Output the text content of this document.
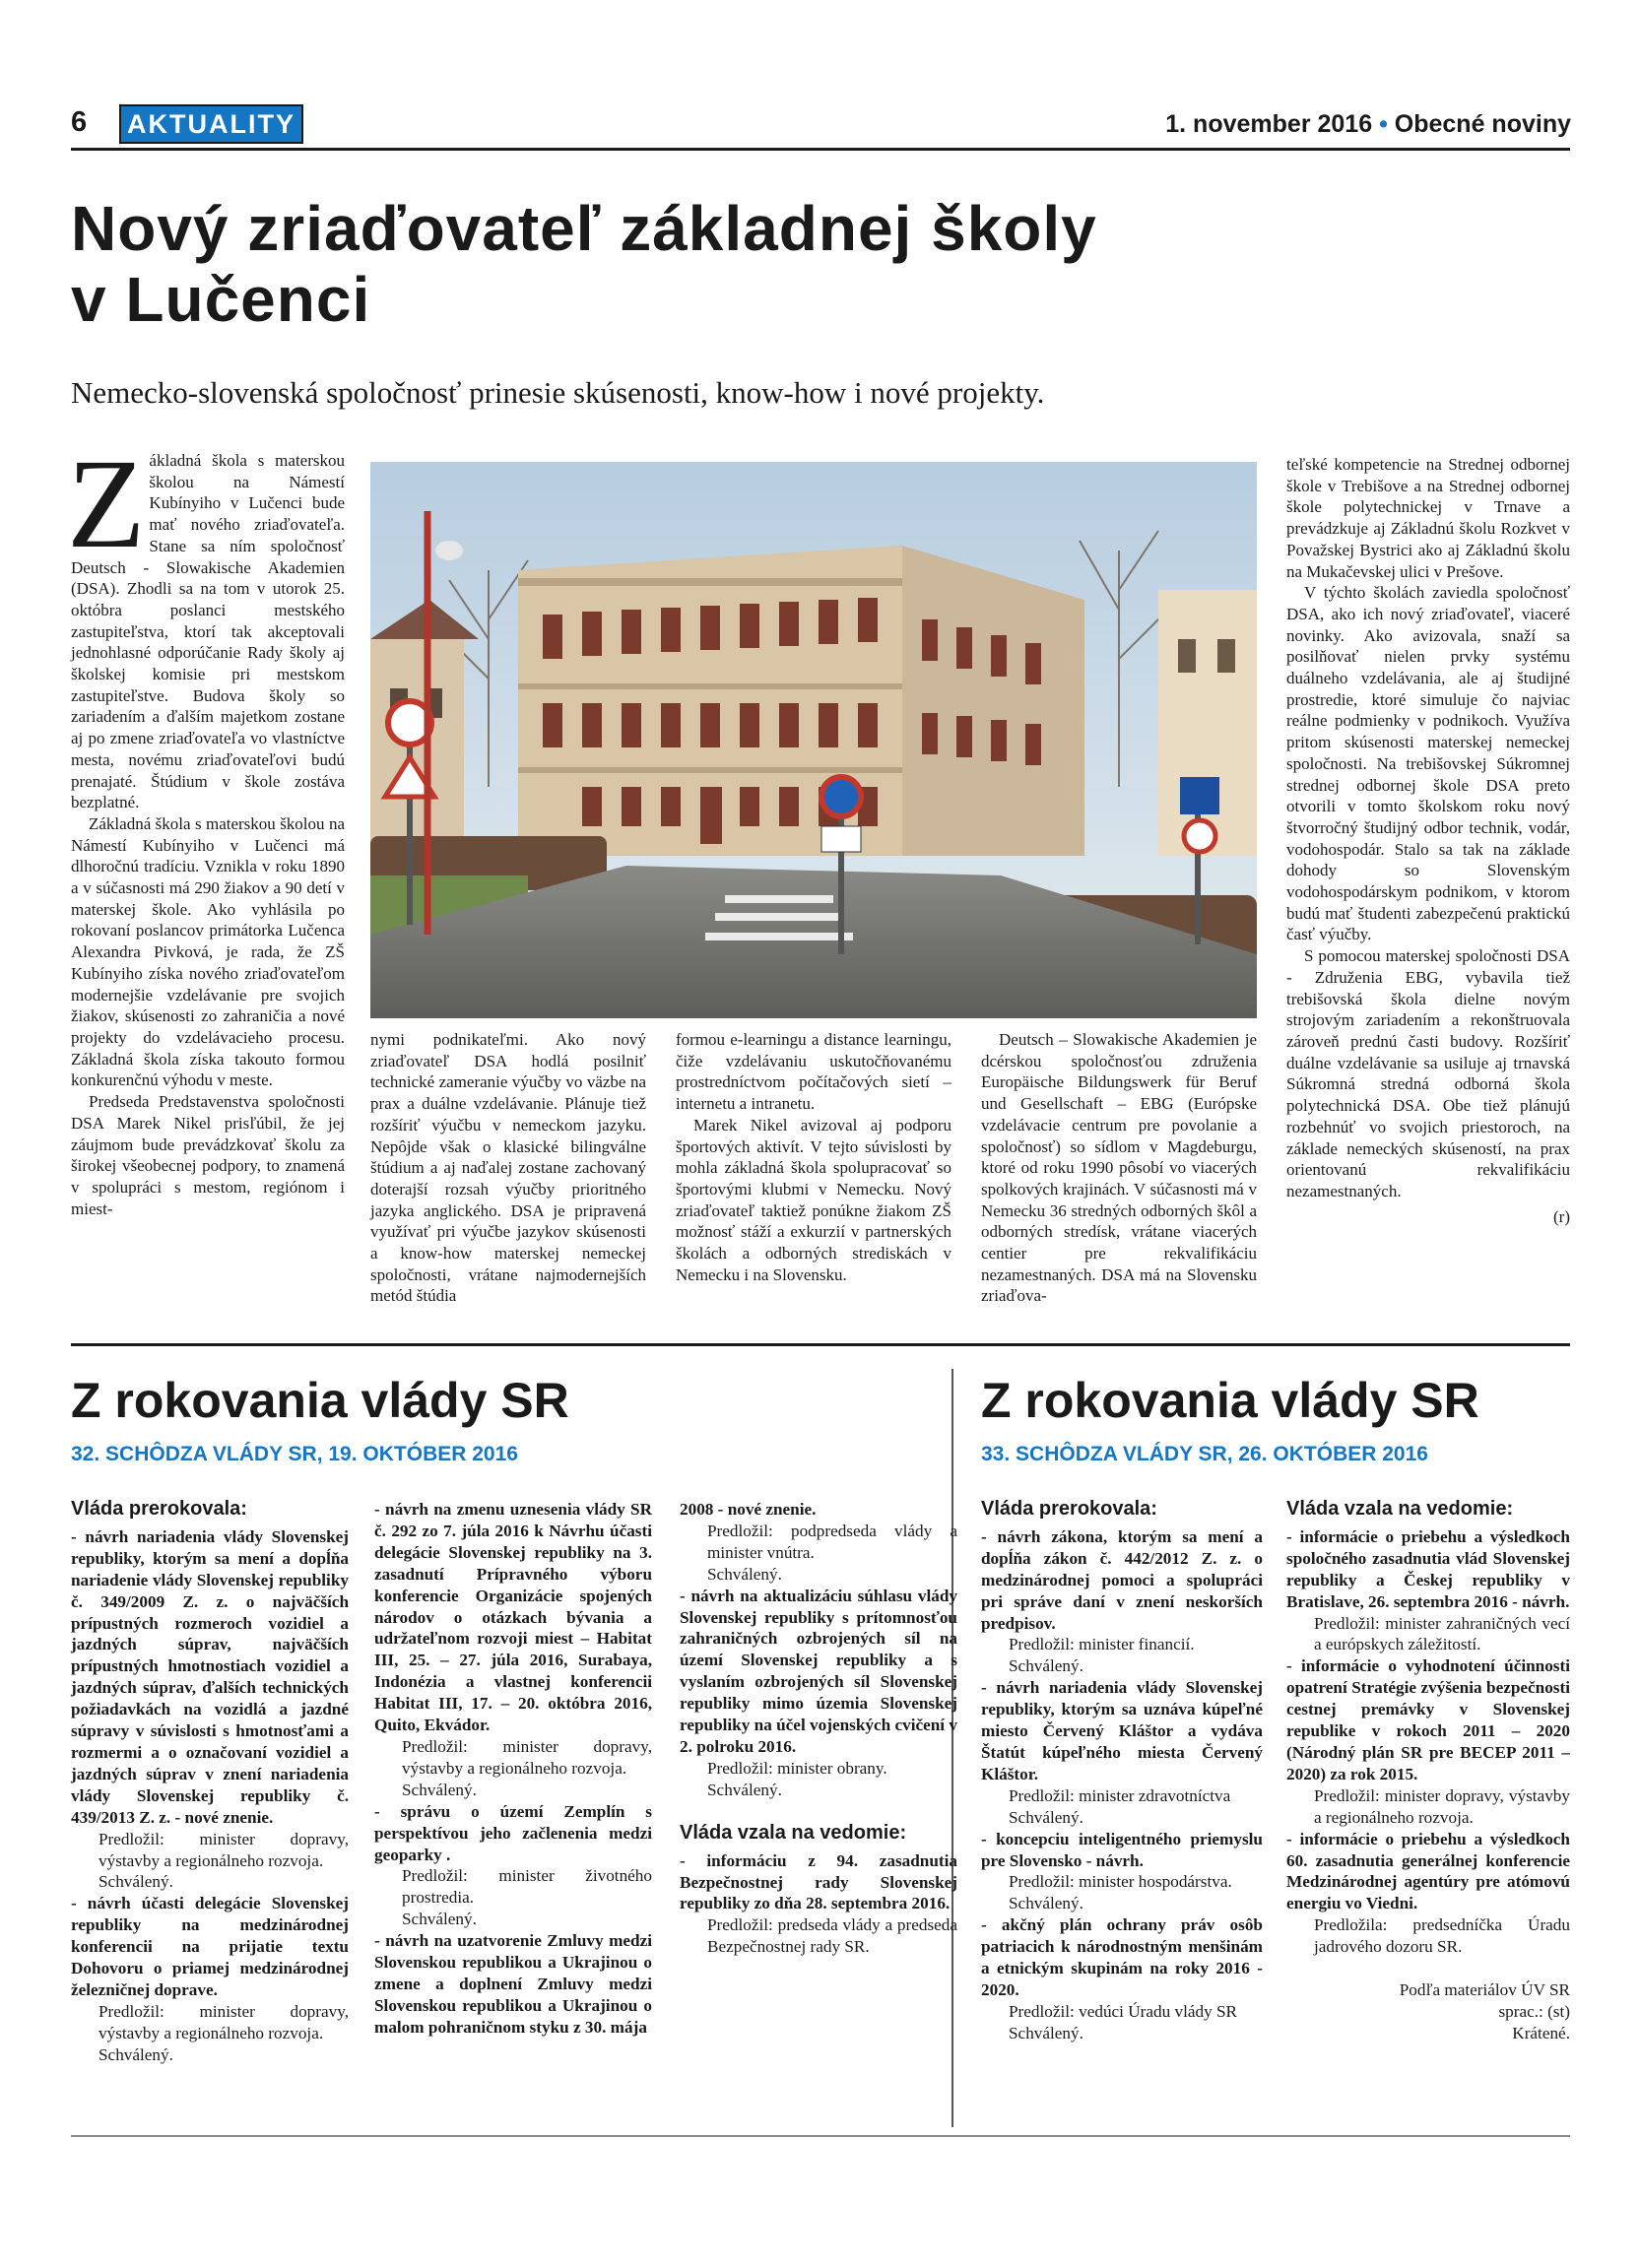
6 AKTUALITY	1. november 2016 • Obecné noviny
Nový zriaďovateľ základnej školy
v Lučenci
Nemecko-slovenská spoločnosť prinesie skúsenosti, know-how i nové projekty.
Z ákladná škola s materskou školou na Námestí Kubínyiho v Lučenci bude mať nového zriaďovateľa. Stane sa ním spoločnosť Deutsch - Slowakische Akademien (DSA). Zhodli sa na tom v utorok 25. októbra poslanci mestského zastupiteľstva, ktorí tak akceptovali jednohlasné odporúčanie Rady školy aj školskej komisie pri mestskom zastupiteľstve. Budova školy so zariadením a ďalším majetkom zostane aj po zmene zriaďovateľa vo vlastníctve mesta, novému zriaďovateľovi budú prenajaté. Štúdium v škole zostáva bezplatné.

Základná škola s materskou školou na Námestí Kubínyiho v Lučenci má dlhoročnú tradíciu. Vznikla v roku 1890 a v súčasnosti má 290 žiakov a 90 detí v materskej škole. Ako vyhlásila po rokovaní poslancov primátorka Lučenca Alexandra Pivková, je rada, že ZŠ Kubínyiho získa nového zriaďovateľom modernejšie vzdelávanie pre svojich žiakov, skúsenosti zo zahraničia a nové projekty do vzdelávacieho procesu. Základná škola získa takouto formou konkurenčnú výhodu v meste.

Predseda Predstavenstva spoločnosti DSA Marek Nikel prisľúbil, že jej záujmom bude prevádzkovať školu za širokej všeobecnej podpory, to znamená v spolupráci s mestom, regiónom i miest-

nymi podnikateľmi. Ako nový zriaďovateľ DSA hodlá posilniť technické zameranie výučby vo väzbe na prax a duálne vzdelávanie. Plánuje tiež rozšíriť výučbu v nemeckom jazyku. Nepôjde však o klasické bilingválne štúdium a aj naďalej zostane zachovaný doterajší rozsah výučby prioritného jazyka anglického. DSA je pripravená využívať pri výučbe jazykov skúsenosti a know-how materskej nemeckej spoločnosti, vrátane najmodernejších metód štúdia

formou e-learningu a distance learningu, čiže vzdelávaniu uskutočňovanému prostredníctvom počítačových sietí – internetu a intranetu.

Marek Nikel avizoval aj podporu športových aktivít. V tejto súvislosti by mohla základná škola spolupracovať so športovými klubmi v Nemecku. Nový zriaďovateľ taktiež ponúkne žiakom ZŠ možnosť stáží a exkurzií v partnerských školách a odborných strediskách v Nemecku i na Slovensku.

Deutsch – Slowakische Akademien je dcérskou spoločnosťou združenia Europäische Bildungswerk für Beruf und Gesellschaft – EBG (Európske vzdelávacie centrum pre povolanie a spoločnosť) so sídlom v Magdeburgu, ktoré od roku 1990 pôsobí vo viacerých spolkových krajinách. V súčasnosti má v Nemecku 36 stredných odborných škôl a odborných stredísk, vrátane viacerých centier pre rekvalifikáciu nezamestnaných. DSA má na Slovensku zriaďova-

teľské kompetencie na Strednej odbornej škole v Trebišove a na Strednej odbornej škole polytechnickej v Trnave a prevádzkuje aj Základnú školu Rozkvet v Považskej Bystrici ako aj Základnú školu na Mukačevskej ulici v Prešove.

V týchto školách zaviedla spoločnosť DSA, ako ich nový zriaďovateľ, viaceré novinky. Ako avizovala, snaží sa posilňovať nielen prvky systému duálneho vzdelávania, ale aj študijné prostredie, ktoré simuluje čo najviac reálne podmienky v podnikoch. Využíva pritom skúsenosti materskej nemeckej spoločnosti. Na trebišovskej Súkromnej strednej odbornej škole DSA preto otvorili v tomto školskom roku nový štvorročný študijný odbor technik, vodár, vodohospodár. Stalo sa tak na základe dohody so Slovenským vodohospodárskym podnikom, v ktorom budú mať študenti zabezpečenú praktickú časť výučby.

S pomocou materskej spoločnosti DSA - Združenia EBG, vybavila tiež trebišovská škola dielne novým strojovým zariadením a rekonštruovala zároveň prednú časti budovy. Rozšíriť duálne vzdelávanie sa usiluje aj trnavská Súkromná stredná odborná škola polytechnická DSA. Obe tiež plánujú rozbehnúť vo svojich priestoroch, na základe nemeckých skúseností, na prax orientovanú rekvalifikáciu nezamestnaných.

(r)
Z rokovania vlády SR
32. SCHÔDZA VLÁDY SR, 19. OKTÓBER 2016
Vláda prerokovala:

- návrh nariadenia vlády Slovenskej republiky, ktorým sa mení a dopĺňa nariadenie vlády Slovenskej republiky č. 349/2009 Z. z. o najväčších prípustných rozmeroch vozidiel a jazdných súprav, najväčších prípustných hmotnostiach vozidiel a jazdných súprav, ďalších technických požiadavkách na vozidlá a jazdné súpravy v súvislosti s hmotnosťami a rozmermi a o označovaní vozidiel a jazdných súprav v znení nariadenia vlády Slovenskej republiky č. 439/2013 Z. z. - nové znenie.

Predložil: minister dopravy, výstavby a regionálneho rozvoja.

Schválený.

- návrh účasti delegácie Slovenskej republiky na medzinárodnej konferencii na prijatie textu Dohovoru o priamej medzinárodnej železničnej doprave.

Predložil: minister dopravy, výstavby a regionálneho rozvoja.

Schválený.

- návrh na zmenu uznesenia vlády SR č. 292 zo 7. júla 2016 k Návrhu účasti delegácie Slovenskej republiky na 3. zasadnutí Prípravného výboru konferencie Organizácie spojených národov o otázkach bývania a udržateľnom rozvoji miest – Habitat III, 25. – 27. júla 2016, Surabaya, Indonézia a vlastnej konferencii Habitat III, 17. – 20. októbra 2016, Quito, Ekvádor.

Predložil: minister dopravy, výstavby a regionálneho rozvoja.

Schválený.

- správu o území Zemplín s perspektívou jeho začlenenia medzi geoparky .

Predložil: minister životného prostredia.

Schválený.

- návrh na uzatvorenie Zmluvy medzi Slovenskou republikou a Ukrajinou o zmene a doplnení Zmluvy medzi Slovenskou republikou a Ukrajinou o malom pohraničnom styku z 30. mája

2008 - nové znenie.

Predložil: podpredseda vlády a minister vnútra.

Schválený.

- návrh na aktualizáciu súhlasu vlády Slovenskej republiky s prítomnosťou zahraničných ozbrojených síl na území Slovenskej republiky a s vyslaním ozbrojených síl Slovenskej republiky mimo územia Slovenskej republiky na účel vojenských cvičení v 2. polroku 2016.

Predložil: minister obrany.

Schválený.

Vláda vzala na vedomie:

- informáciu z 94. zasadnutia Bezpečnostnej rady Slovenskej republiky zo dňa 28. septembra 2016.

Predložil: predseda vlády a predseda Bezpečnostnej rady SR.

Z rokovania vlády SR
33. SCHÔDZA VLÁDY SR, 26. OKTÓBER 2016
Vláda prerokovala:

- návrh zákona, ktorým sa mení a dopĺňa zákon č. 442/2012 Z. z. o medzinárodnej pomoci a spolupráci pri správe daní v znení neskorších predpisov.

Predložil: minister financií.

Schválený.

- návrh nariadenia vlády Slovenskej republiky, ktorým sa uznáva kúpeľné miesto Červený Kláštor a vydáva Štatút kúpeľného miesta Červený Kláštor.

Predložil: minister zdravotníctva

Schválený.

- koncepciu inteligentného priemyslu pre Slovensko - návrh.

Predložil: minister hospodárstva.

Schválený.

- akčný plán ochrany práv osôb patriacich k národnostným menšinám a etnickým skupinám na roky 2016 - 2020.

Predložil: vedúci Úradu vlády SR

Schválený.

Vláda vzala na vedomie:

- informácie o priebehu a výsledkoch spoločného zasadnutia vlád Slovenskej republiky a Českej republiky v Bratislave, 26. septembra 2016 - návrh.

Predložil: minister zahraničných vecí a európskych záležitostí.

- informácie o vyhodnotení účinnosti opatrení Stratégie zvýšenia bezpečnosti cestnej premávky v Slovenskej republike v rokoch 2011 – 2020 (Národný plán SR pre BECEP 2011 – 2020) za rok 2015.

Predložil: minister dopravy, výstavby a regionálneho rozvoja.

- informácie o priebehu a výsledkoch 60. zasadnutia generálnej konferencie Medzinárodnej agentúry pre atómovú energiu vo Viedni.

Predložila: predsedníčka Úradu jadrového dozoru SR.

Podľa materiálov ÚV SR
sprac.: (st)
Krátené.
